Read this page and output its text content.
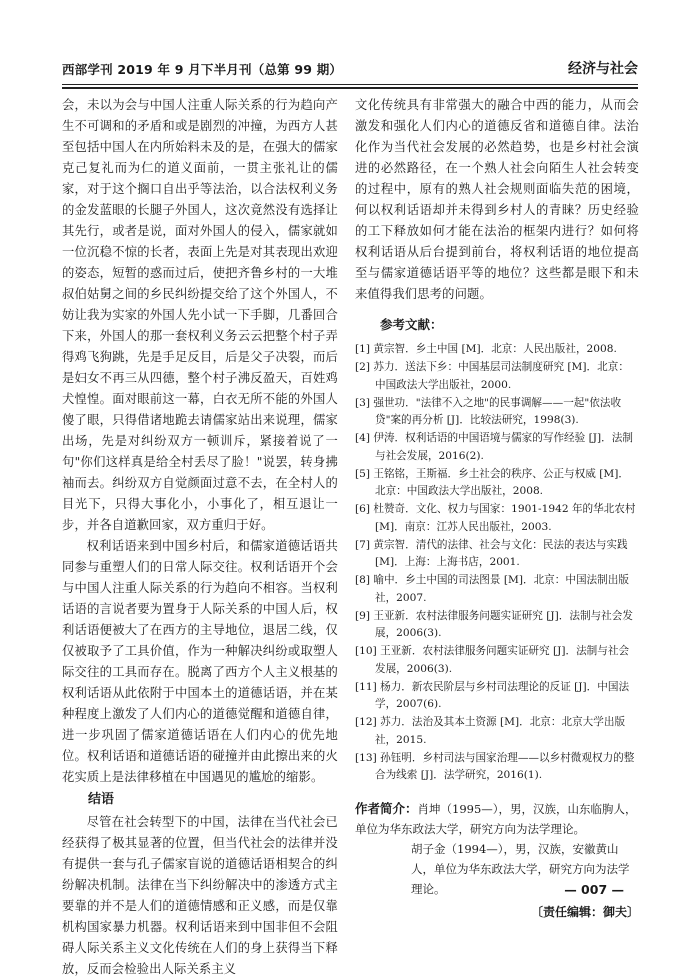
西部学刊 2019 年 9 月下半月刊（总第 99 期）	经济与社会

会，未以为会与中国人注重人际关系的行为趋向产生不可调和的矛盾和或是剧烈的冲撞，为西方人甚至包括中国人在内所始料未及的是，在强大的儒家克己复礼而为仁的道义面前，一贯主张礼让的儒家，对于这个搁口自出乎等法治，以合法权利义务的金发蓝眼的长腿子外国人，这次竟然没有选择让其先行，或者是说，面对外国人的侵入，儒家就如一位沉稳不惊的长者，表面上先是对其表现出欢迎的姿态，短暂的惑而过后，使把齐鲁乡村的一大堆叔伯姑舅之间的乡民纠纷提交给了这个外国人，不妨让我为实家的外国人先小试一下手脚，几番回合下来，外国人的那一套权利义务云云把整个村子弄得鸡飞狗跳，先是手足反目，后是父子决裂，而后是妇女不再三从四德，整个村子沸反盈天，百姓鸡犬惶惶。面对眼前这一幕，白衣无所不能的外国人傻了眼，只得借诸地跪去请儒家站出来说理，儒家出场，先是对纠纷双方一顿训斥，紧接着说了一句"你们这样真是给全村丢尽了脸！"说罢，转身拂袖而去。纠纷双方自觉颜面过意不去，在全村人的目光下，只得大事化小，小事化了，相互退让一步，并各自道歉回家，双方重归于好。

权利话语来到中国乡村后，和儒家道德话语共同参与重塑人们的日常人际交往。权利话语开个会与中国人注重人际关系的行为趋向不相容。当权利话语的言说者要为置身于人际关系的中国人后，权利话语便被大了在西方的主导地位，退居二线，仅仅被取予了工具价值，作为一种解决纠纷或取塑人际交往的工具而存在。脱离了西方个人主义根基的权利话语从此依附于中国本土的道德话语，并在某种程度上激发了人们内心的道德觉醒和道德自律，进一步巩固了儒家道德话语在人们内心的优先地位。权利话语和道德话语的碰撞并由此擦出来的火花实质上是法律移植在中国遇见的尴尬的缩影。

结语

尽管在社会转型下的中国，法律在当代社会已经获得了极其显著的位置，但当代社会的法律并没有提供一套与孔子儒家盲说的道德话语相契合的纠纷解决机制。法律在当下纠纷解决中的渗透方式主要靠的并不是人们的道德情感和正义感，而是仅靠机构国家暴力机器。权利话语来到中国非但不会阻碍人际关系主义文化传统在人们的身上获得当下释放，反而会检验出人际关系主义

文化传统具有非常强大的融合中西的能力，从而会激发和强化人们内心的道德反省和道德自律。法治化作为当代社会发展的必然趋势，也是乡村社会演进的必然路径，在一个熟人社会向陌生人社会转变的过程中，原有的熟人社会规则面临失范的困境，何以权利话语却并未得到乡村人的青睐？历史经验的工下释放如何才能在法治的框架内进行？如何将权利话语从后台提到前台，将权利话语的地位提高至与儒家道德话语平等的地位？这些都是眼下和未来值得我们思考的问题。

参考文献：
[1] 黄宗智．乡土中国 [M]．北京：人民出版社，2008.
[2] 苏力．送法下乡：中国基层司法制度研究 [M]．北京：中国政法大学出版社，2000.
[3] 强世功．"法律不入之地"的民事调解——一起"依法收贷"案的再分析 [J]．比较法研究，1998(3).
[4] 伊涛．权利话语的中国语境与儒家的写作经验 [J]．法制与社会发展，2016(2).
[5] 王铭铭，王斯福．乡土社会的秩序、公正与权威 [M]．北京：中国政法大学出版社，2008.
[6] 杜赞奇．文化、权力与国家：1901-1942 年的华北农村 [M]．南京：江苏人民出版社，2003.
[7] 黄宗智．清代的法律、社会与文化：民法的表达与实践 [M]．上海：上海书店，2001.
[8] 喻中．乡土中国的司法图景 [M]．北京：中国法制出版社，2007.
[9] 王亚新．农村法律服务问题实证研究 [J]．法制与社会发展，2006(3).
[10] 王亚新．农村法律服务问题实证研究 [J]．法制与社会发展，2006(3).
[11] 杨力．新农民阶层与乡村司法理论的反证 [J]．中国法学，2007(6).
[12] 苏力．法治及其本土资源 [M]．北京：北京大学出版社，2015.
[13] 孙钰明．乡村司法与国家治理——以乡村微观权力的整合为线索 [J]．法学研究，2016(1).
作者简介：肖坤（1995—），男，汉族，山东临朐人，单位为华东政法大学，研究方向为法学理论。
胡子金（1994—），男，汉族，安徽黄山人，单位为华东政法大学，研究方向为法学理论。
〔责任编辑：御夫〕
— 007 —
